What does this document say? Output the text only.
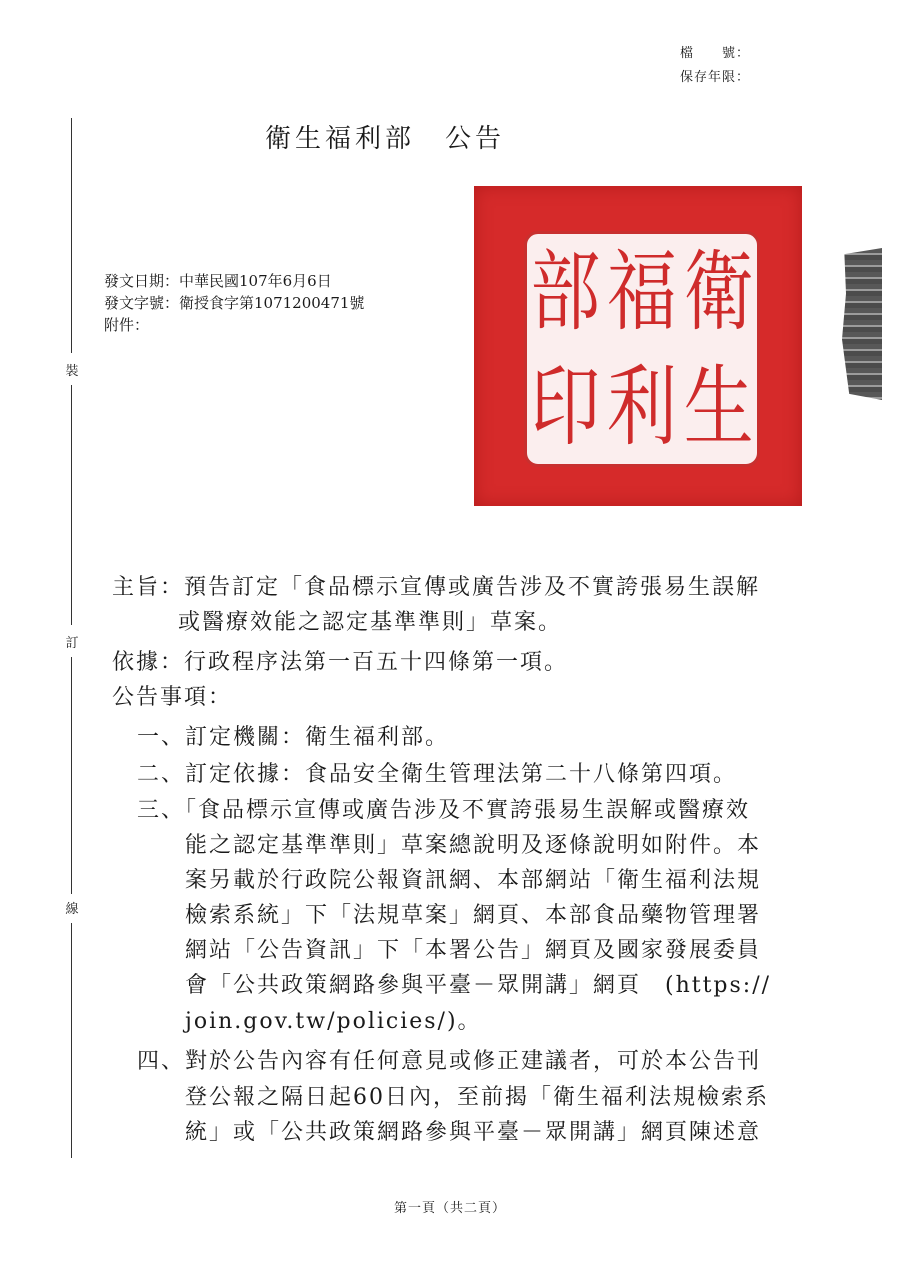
檔　　號：
保存年限：
裝
訂
線
衛生福利部　公告
發文日期：中華民國107年6月6日
發文字號：衛授食字第1071200471號
附件：	衛
生
福
利
部
印
主旨：預告訂定「食品標示宣傳或廣告涉及不實誇張易生誤解
或醫療效能之認定基準準則」草案。
依據：行政程序法第一百五十四條第一項。
公告事項：
一、訂定機關：衛生福利部。
二、訂定依據：食品安全衛生管理法第二十八條第四項。
三、「食品標示宣傳或廣告涉及不實誇張易生誤解或醫療效
能之認定基準準則」草案總說明及逐條說明如附件。本
案另載於行政院公報資訊網、本部網站「衛生福利法規
檢索系統」下「法規草案」網頁、本部食品藥物管理署
網站「公告資訊」下「本署公告」網頁及國家發展委員
會「公共政策網路參與平臺－眾開講」網頁　(https://
join.gov.tw/policies/)。
四、對於公告內容有任何意見或修正建議者，可於本公告刊
登公報之隔日起60日內，至前揭「衛生福利法規檢索系
統」或「公共政策網路參與平臺－眾開講」網頁陳述意
第一頁（共二頁）
